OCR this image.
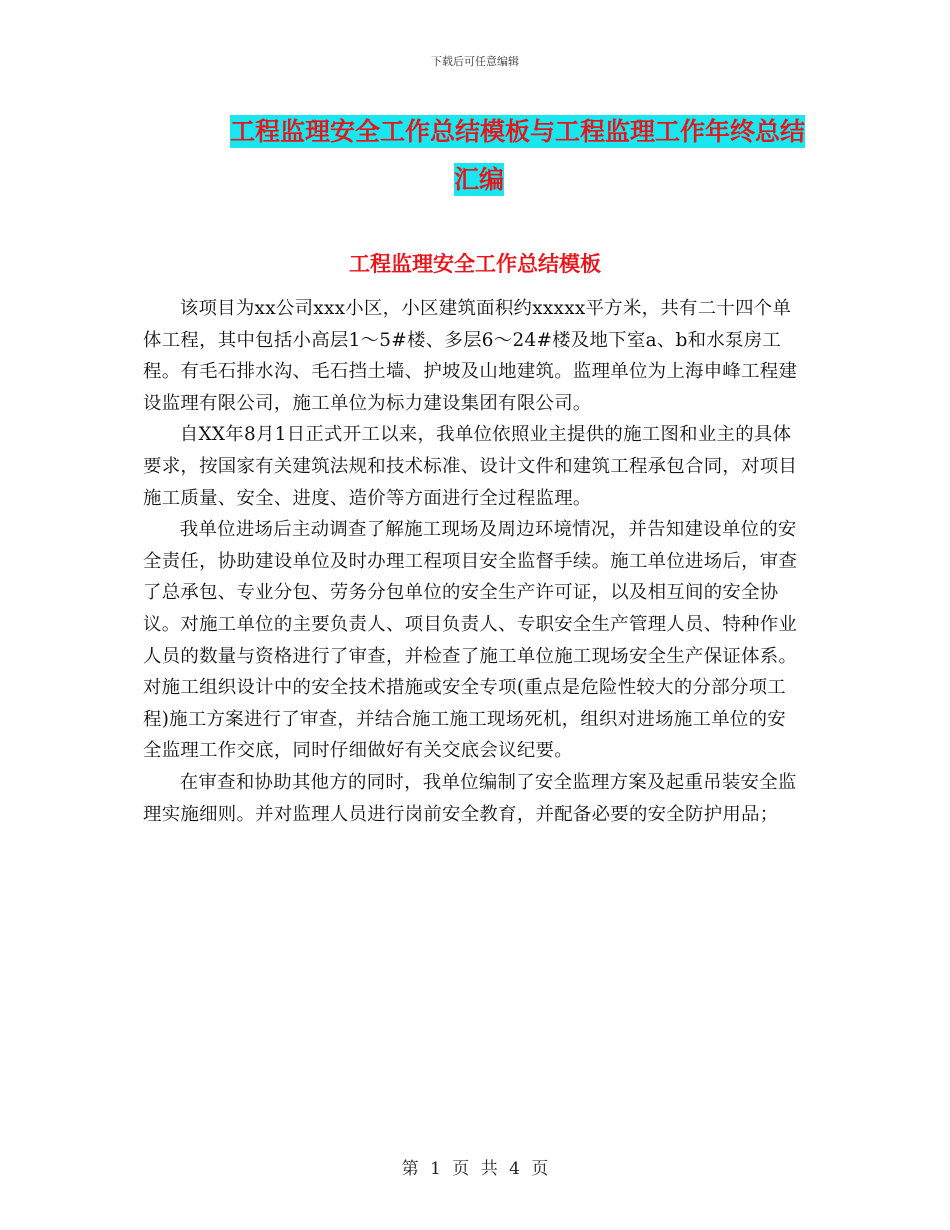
下载后可任意编辑
工程监理安全工作总结模板与工程监理工作年终总结
汇编
工程监理安全工作总结模板

该项目为xx公司xxx小区，小区建筑面积约xxxxx平方米，共有二十四个单体工程，其中包括小高层1～5#楼、多层6～24#楼及地下室a、b和水泵房工程。有毛石排水沟、毛石挡土墙、护坡及山地建筑。监理单位为上海申峰工程建设监理有限公司，施工单位为标力建设集团有限公司。

自XX年8月1日正式开工以来，我单位依照业主提供的施工图和业主的具体要求，按国家有关建筑法规和技术标准、设计文件和建筑工程承包合同，对项目施工质量、安全、进度、造价等方面进行全过程监理。

我单位进场后主动调查了解施工现场及周边环境情况，并告知建设单位的安全责任，协助建设单位及时办理工程项目安全监督手续。施工单位进场后，审查了总承包、专业分包、劳务分包单位的安全生产许可证，以及相互间的安全协议。对施工单位的主要负责人、项目负责人、专职安全生产管理人员、特种作业人员的数量与资格进行了审查，并检查了施工单位施工现场安全生产保证体系。对施工组织设计中的安全技术措施或安全专项(重点是危险性较大的分部分项工程)施工方案进行了审查，并结合施工施工现场死机，组织对进场施工单位的安全监理工作交底，同时仔细做好有关交底会议纪要。

在审查和协助其他方的同时，我单位编制了安全监理方案及起重吊装安全监理实施细则。并对监理人员进行岗前安全教育，并配备必要的安全防护用品；

第 1 页 共 4 页
